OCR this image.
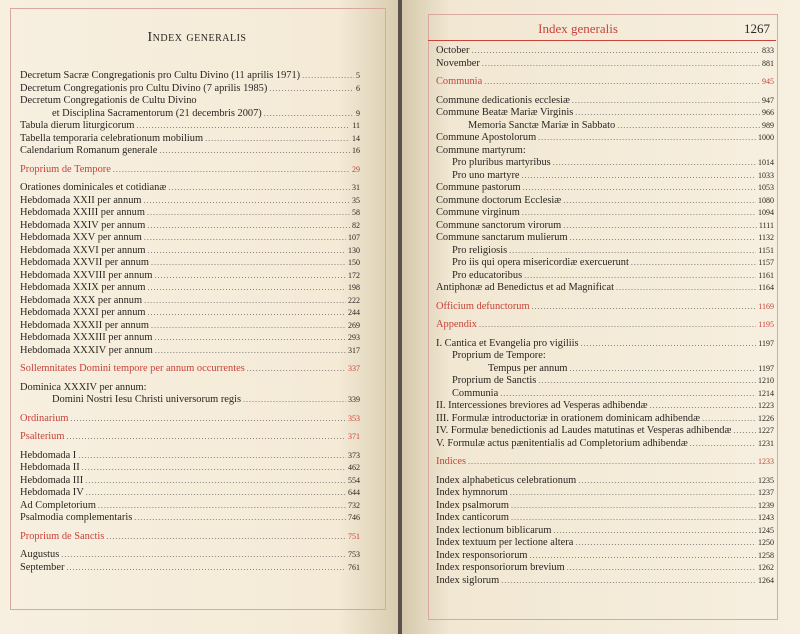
Index generalis
Index generalis	1267
Decretum Sacræ Congregationis pro Cultu Divino (11 aprilis 1971) .....	5
Decretum Congregationis pro Cultu Divino (7 aprilis 1985) .....	6
Decretum Congregationis de Cultu Divino
et Disciplina Sacramentorum (21 decembris 2007) .....	9
Tabula dierum liturgicorum .....	11
Tabella temporaria celebrationum mobilium .....	14
Calendarium Romanum generale .....	16
Proprium de Tempore .....	29
Orationes dominicales et cotidianæ .....	31
Hebdomada XXII per annum .....	35
Hebdomada XXIII per annum .....	58
Hebdomada XXIV per annum .....	82
Hebdomada XXV per annum .....	107
Hebdomada XXVI per annum .....	130
Hebdomada XXVII per annum .....	150
Hebdomada XXVIII per annum .....	172
Hebdomada XXIX per annum .....	198
Hebdomada XXX per annum .....	222
Hebdomada XXXI per annum .....	244
Hebdomada XXXII per annum .....	269
Hebdomada XXXIII per annum .....	293
Hebdomada XXXIV per annum .....	317
Sollemnitates Domini tempore per annum occurrentes .....	337
Dominica XXXIV per annum:
Domini Nostri Iesu Christi universorum regis .....	339
Ordinarium .....	353
Psalterium .....	371
Hebdomada I .....	373
Hebdomada II .....	462
Hebdomada III .....	554
Hebdomada IV .....	644
Ad Completorium .....	732
Psalmodia complementaris .....	746
Proprium de Sanctis .....	751
Augustus .....	753
September .....	761
October .....	833
November .....	881
Communia .....	945
Commune dedicationis ecclesiæ .....	947
Commune Beatæ Mariæ Virginis .....	966
Memoria Sanctæ Mariæ in Sabbato .....	989
Commune Apostolorum .....	1000
Commune martyrum:
Pro pluribus martyribus .....	1014
Pro uno martyre .....	1033
Commune pastorum .....	1053
Commune doctorum Ecclesiæ .....	1080
Commune virginum .....	1094
Commune sanctorum virorum .....	1111
Commune sanctarum mulierum .....	1132
Pro religiosis .....	1151
Pro iis qui opera misericordiæ exercuerunt .....	1157
Pro educatoribus .....	1161
Antiphonæ ad Benedictus et ad Magnificat .....	1164
Officium defunctorum .....	1169
Appendix .....	1195
I. Cantica et Evangelia pro vigiliis .....	1197
Proprium de Tempore:
Tempus per annum .....	1197
Proprium de Sanctis .....	1210
Communia .....	1214
II. Intercessiones breviores ad Vesperas adhibendæ .....	1223
III. Formulæ introductoriæ in orationem dominicam adhibendæ .....	1226
IV. Formulæ benedictionis ad Laudes matutinas et Vesperas adhibendæ .....	1227
V. Formulæ actus pænitentialis ad Completorium adhibendæ .....	1231
Indices .....	1233
Index alphabeticus celebrationum .....	1235
Index hymnorum .....	1237
Index psalmorum .....	1239
Index canticorum .....	1243
Index lectionum biblicarum .....	1245
Index textuum per lectione altera .....	1250
Index responsoriorum .....	1258
Index responsoriorum brevium .....	1262
Index siglorum .....	1264
